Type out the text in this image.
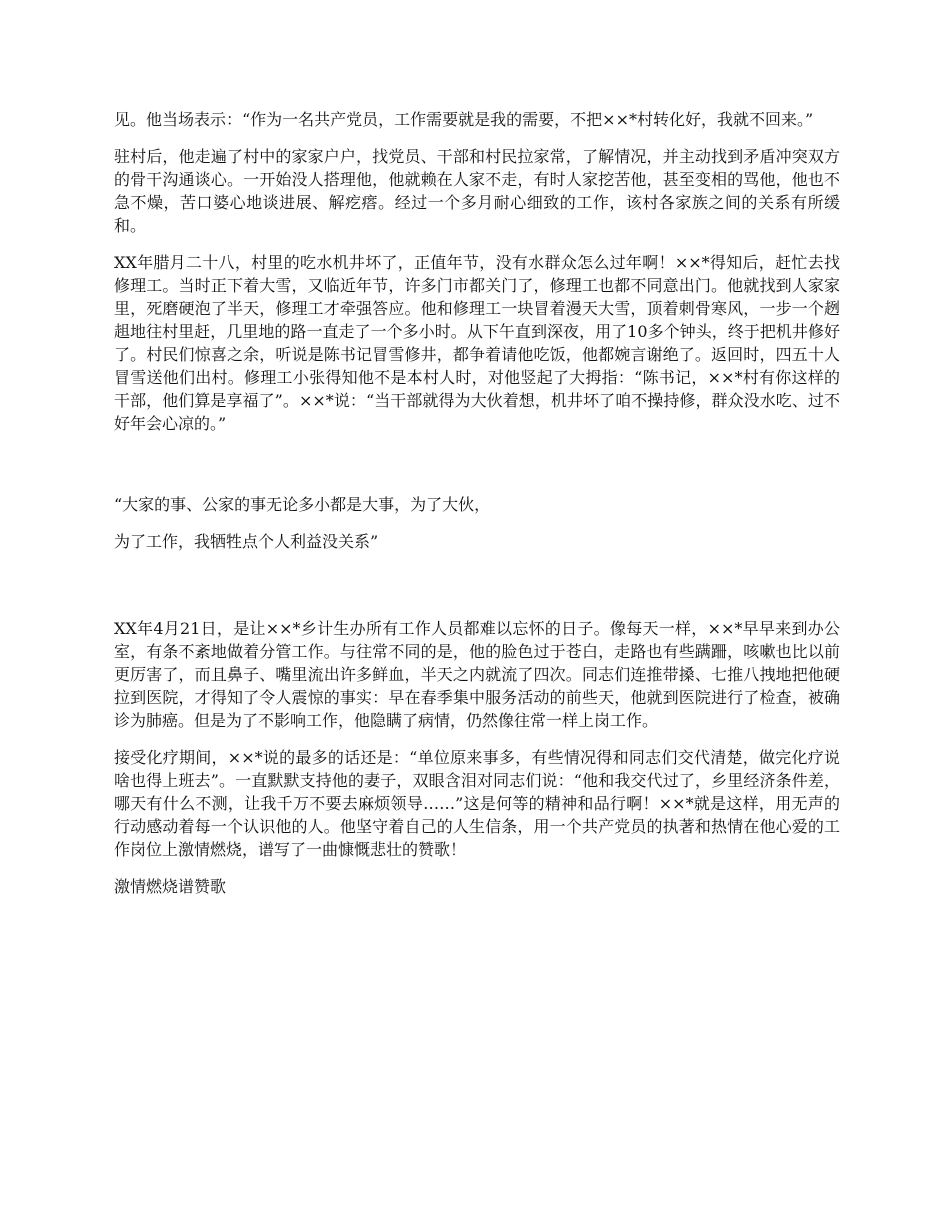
见。他当场表示：“作为一名共产党员，工作需要就是我的需要，不把××*村转化好，我就不回来。”

驻村后，他走遍了村中的家家户户，找党员、干部和村民拉家常，了解情况，并主动找到矛盾冲突双方的骨干沟通谈心。一开始没人搭理他，他就赖在人家不走，有时人家挖苦他，甚至变相的骂他，他也不急不燥，苦口婆心地谈进展、解疙瘩。经过一个多月耐心细致的工作，该村各家族之间的关系有所缓和。

XX年腊月二十八，村里的吃水机井坏了，正值年节，没有水群众怎么过年啊！××*得知后，赶忙去找修理工。当时正下着大雪，又临近年节，许多门市都关门了，修理工也都不同意出门。他就找到人家家里，死磨硬泡了半天，修理工才牵强答应。他和修理工一块冒着漫天大雪，顶着刺骨寒风，一步一个趔趄地往村里赶，几里地的路一直走了一个多小时。从下午直到深夜，用了10多个钟头，终于把机井修好了。村民们惊喜之余，听说是陈书记冒雪修井，都争着请他吃饭，他都婉言谢绝了。返回时，四五十人冒雪送他们出村。修理工小张得知他不是本村人时，对他竖起了大拇指：“陈书记，××*村有你这样的干部，他们算是享福了”。××*说：“当干部就得为大伙着想，机井坏了咱不操持修，群众没水吃、过不好年会心凉的。”

“大家的事、公家的事无论多小都是大事，为了大伙，

为了工作，我牺牲点个人利益没关系”

XX年4月21日，是让××*乡计生办所有工作人员都难以忘怀的日子。像每天一样，××*早早来到办公室，有条不紊地做着分管工作。与往常不同的是，他的脸色过于苍白，走路也有些蹒跚，咳嗽也比以前更厉害了，而且鼻子、嘴里流出许多鲜血，半天之内就流了四次。同志们连推带搡、七推八拽地把他硬拉到医院，才得知了令人震惊的事实：早在春季集中服务活动的前些天，他就到医院进行了检查，被确诊为肺癌。但是为了不影响工作，他隐瞒了病情，仍然像往常一样上岗工作。

接受化疗期间，××*说的最多的话还是：“单位原来事多，有些情况得和同志们交代清楚，做完化疗说啥也得上班去”。一直默默支持他的妻子，双眼含泪对同志们说：“他和我交代过了，乡里经济条件差，哪天有什么不测，让我千万不要去麻烦领导……”这是何等的精神和品行啊！××*就是这样，用无声的行动感动着每一个认识他的人。他坚守着自己的人生信条，用一个共产党员的执著和热情在他心爱的工作岗位上激情燃烧，谱写了一曲慷慨悲壮的赞歌！

激情燃烧谱赞歌
